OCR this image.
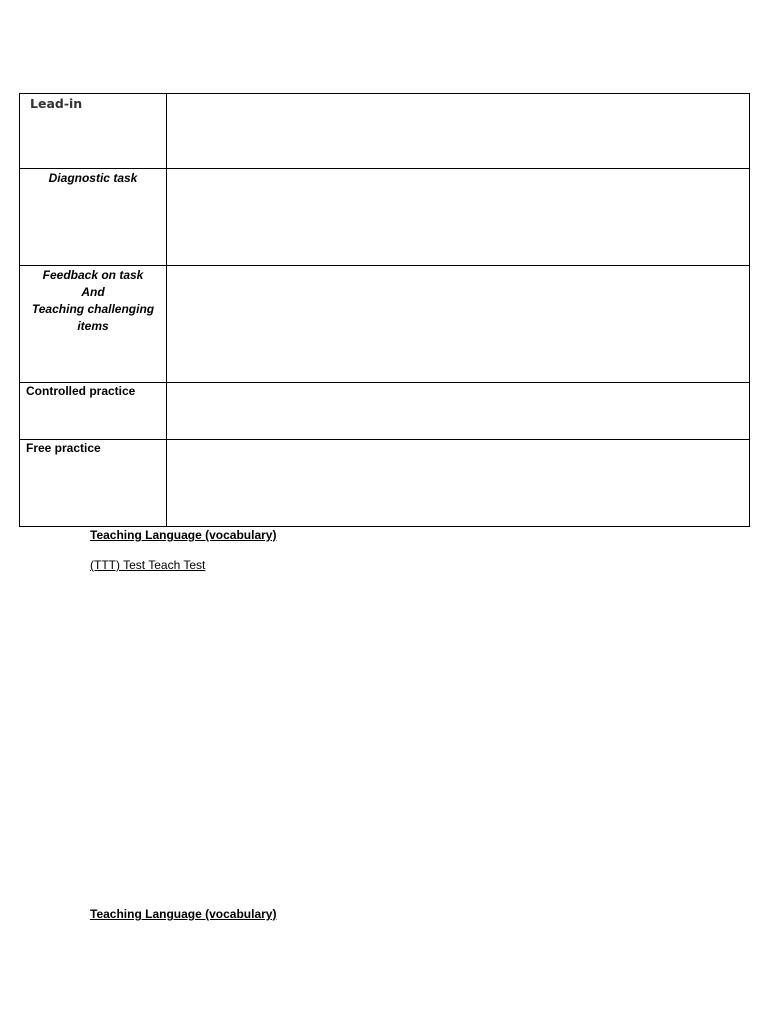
Lead-in	

Diagnostic task	

Feedback on task
And
Teaching challenging
items	

Controlled practice	

Free practice	

Teaching Language (vocabulary)
(TTT) Test Teach Test
Teaching Language (vocabulary)
